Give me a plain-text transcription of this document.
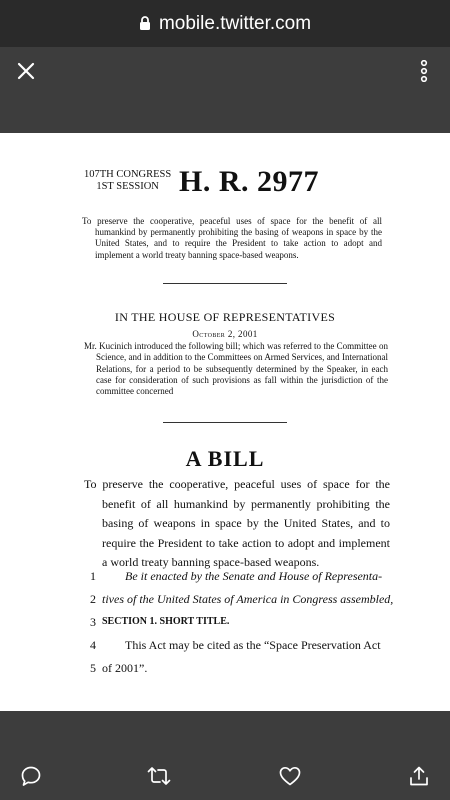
mobile.twitter.com
107TH CONGRESS
1ST SESSION H. R. 2977
To preserve the cooperative, peaceful uses of space for the benefit of all humankind by permanently prohibiting the basing of weapons in space by the United States, and to require the President to take action to adopt and implement a world treaty banning space-based weapons.
IN THE HOUSE OF REPRESENTATIVES
October 2, 2001
Mr. Kucinich introduced the following bill; which was referred to the Committee on Science, and in addition to the Committees on Armed Services, and International Relations, for a period to be subsequently determined by the Speaker, in each case for consideration of such provisions as fall within the jurisdiction of the committee concerned
A BILL
To preserve the cooperative, peaceful uses of space for the benefit of all humankind by permanently prohibiting the basing of weapons in space by the United States, and to require the President to take action to adopt and implement a world treaty banning space-based weapons.
1 Be it enacted by the Senate and House of Representa-
2 tives of the United States of America in Congress assembled,
3 SECTION 1. SHORT TITLE.
4 This Act may be cited as the “Space Preservation Act
5 of 2001”.
